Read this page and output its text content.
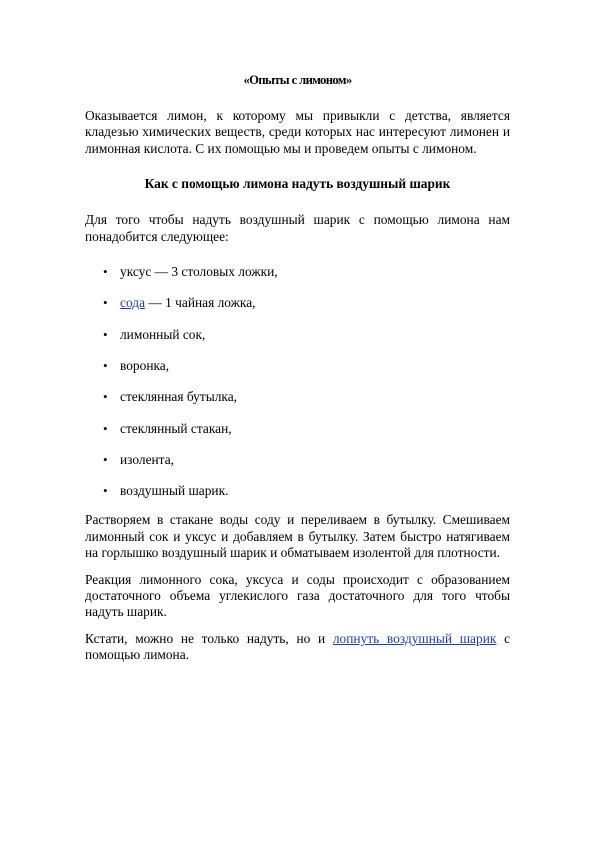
«Опыты с лимоном»

Оказывается лимон, к которому мы привыкли с детства, является кладезью химических веществ, среди которых нас интересуют лимонен и лимонная кислота. С их помощью мы и проведем опыты с лимоном.

Как с помощью лимона надуть воздушный шарик

Для того чтобы надуть воздушный шарик с помощью лимона нам понадобится следующее:

• уксус — 3 столовых ложки,
• сода — 1 чайная ложка,
• лимонный сок,
• воронка,
• стеклянная бутылка,
• стеклянный стакан,
• изолента,
• воздушный шарик.

Растворяем в стакане воды соду и переливаем в бутылку. Смешиваем лимонный сок и уксус и добавляем в бутылку. Затем быстро натягиваем на горлышко воздушный шарик и обматываем изолентой для плотности.

Реакция лимонного сока, уксуса и соды происходит с образованием достаточного объема углекислого газа достаточного для того чтобы надуть шарик.

Кстати, можно не только надуть, но и лопнуть воздушный шарик с помощью лимона.
